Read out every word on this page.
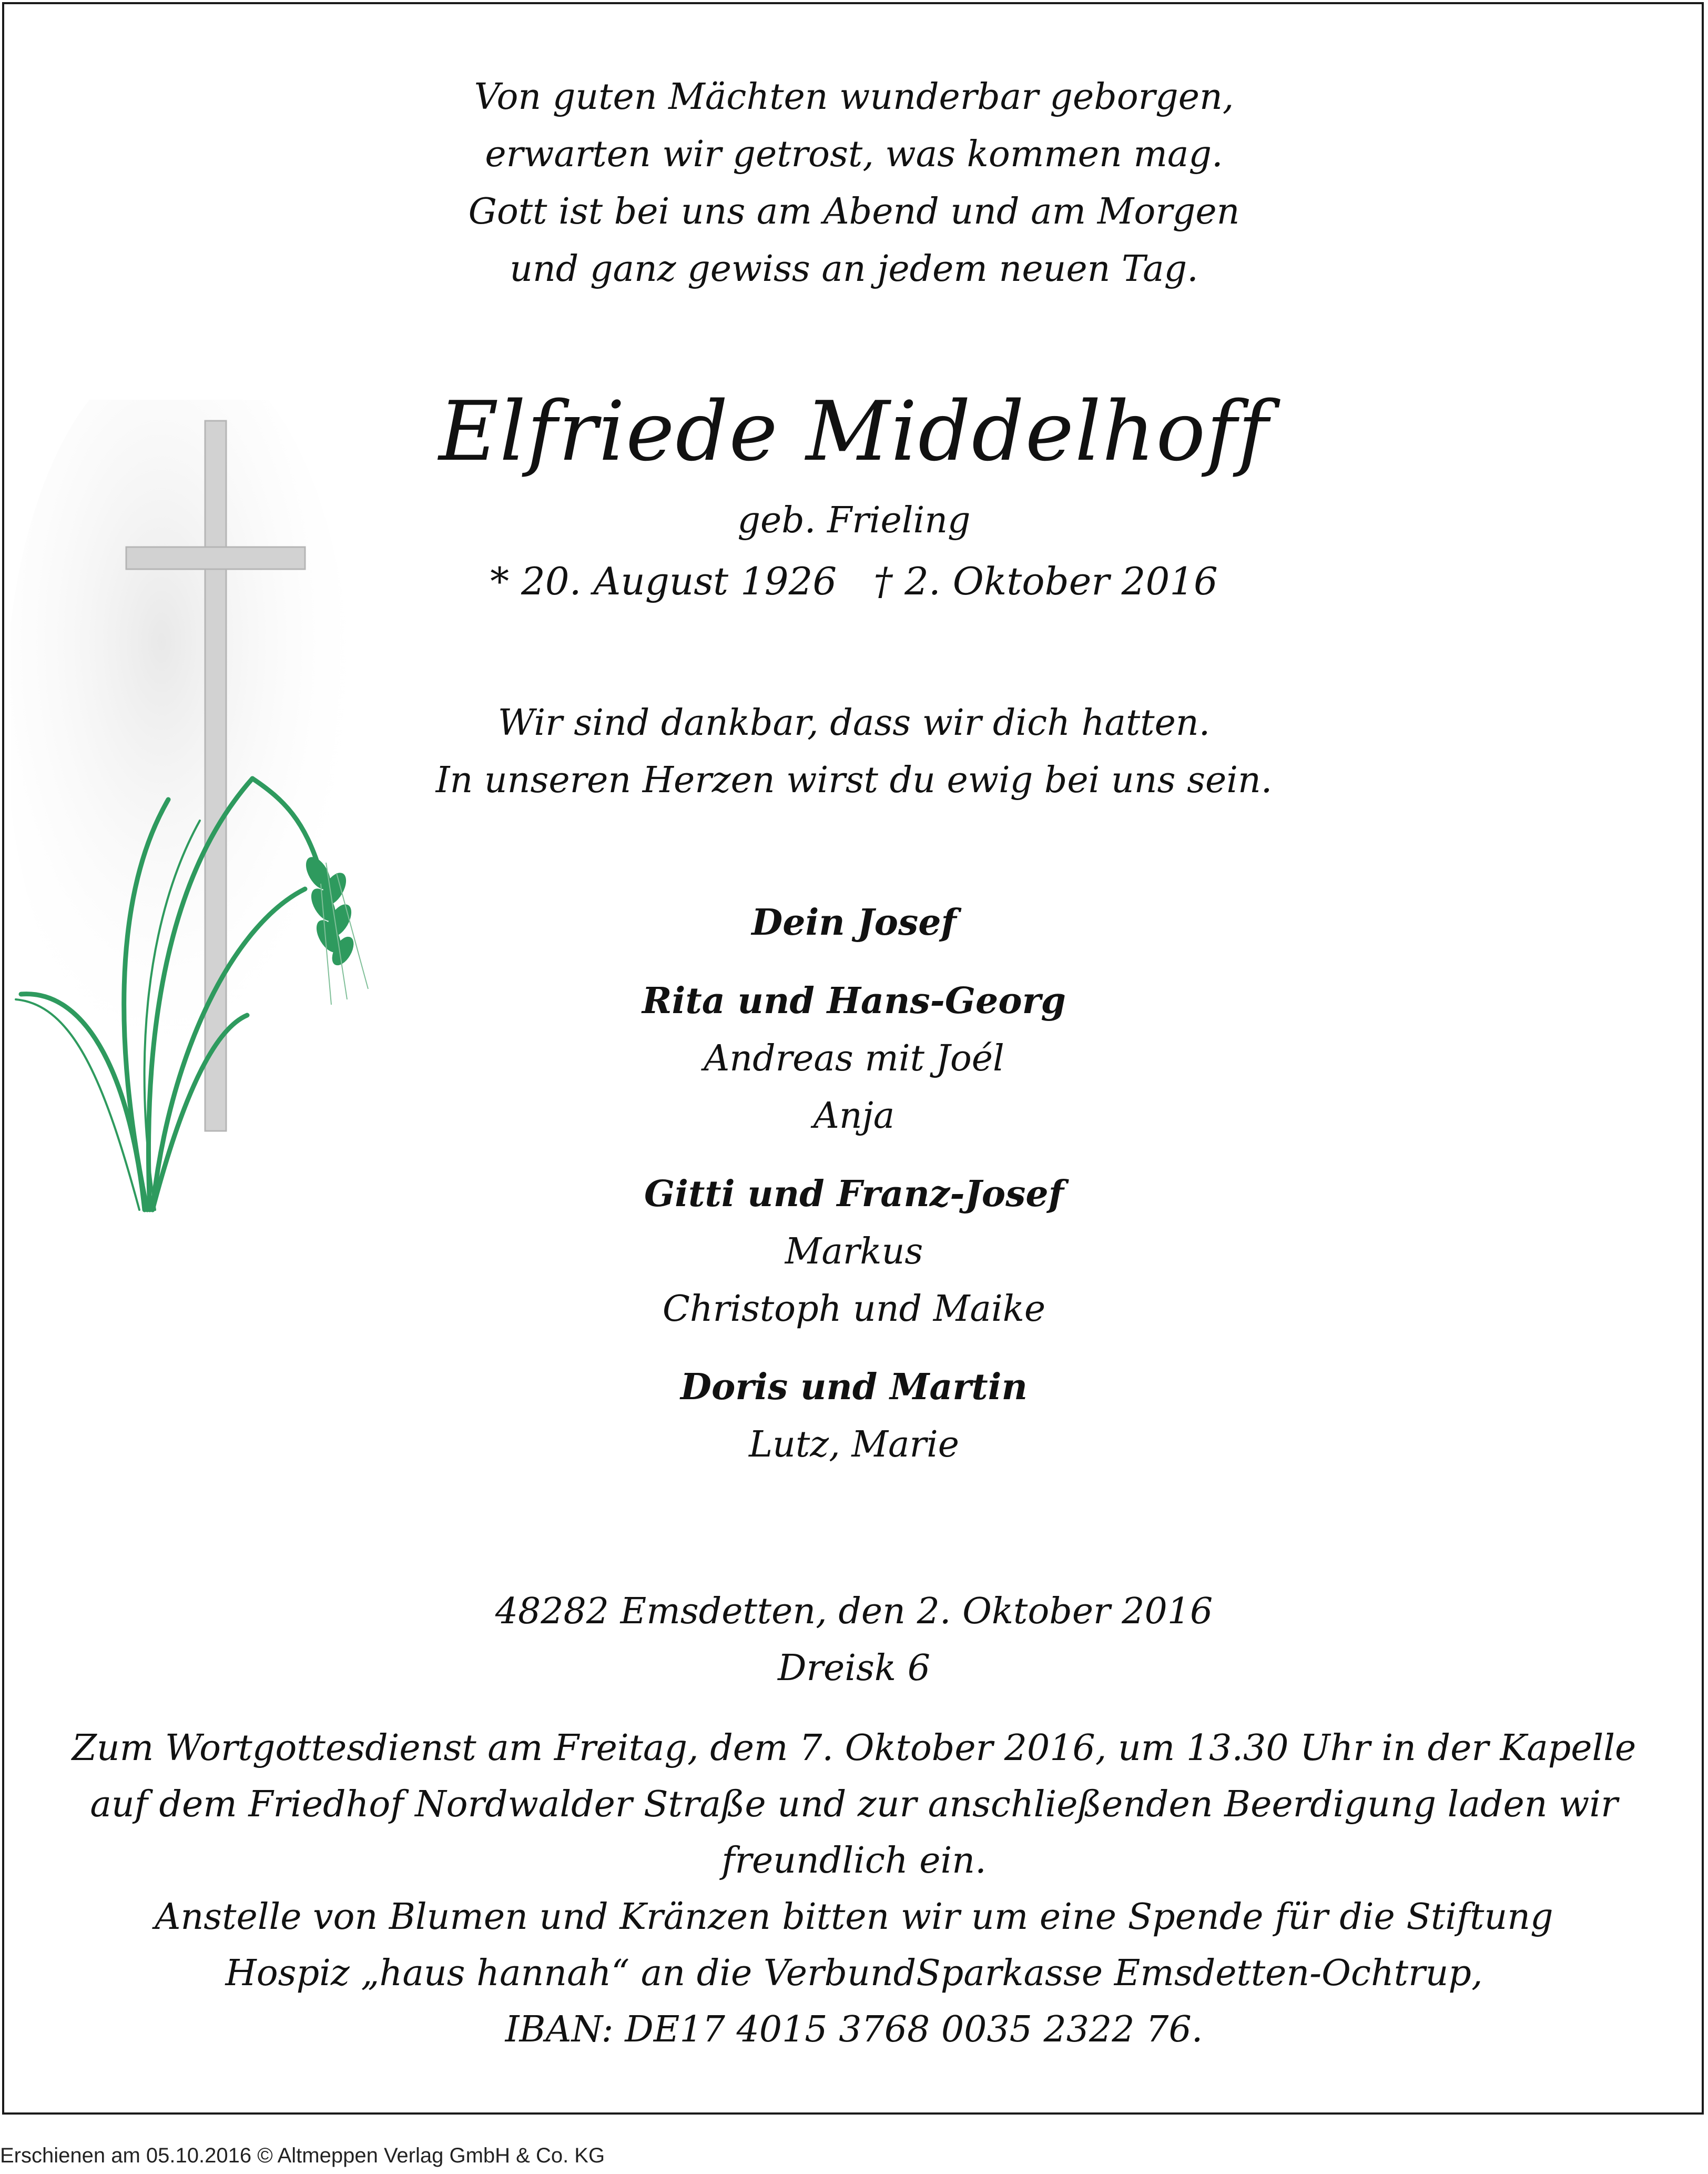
Von guten Mächten wunderbar geborgen,
erwarten wir getrost, was kommen mag.
Gott ist bei uns am Abend und am Morgen
und ganz gewiss an jedem neuen Tag.
Elfriede Middelhoff
geb. Frieling
* 20. August 1926 † 2. Oktober 2016
Wir sind dankbar, dass wir dich hatten.
In unseren Herzen wirst du ewig bei uns sein.
Dein Josef
Rita und Hans-Georg
Andreas mit Joél
Anja
Gitti und Franz-Josef
Markus
Christoph und Maike
Doris und Martin
Lutz, Marie
48282 Emsdetten, den 2. Oktober 2016
Dreisk 6
Zum Wortgottesdienst am Freitag, dem 7. Oktober 2016, um 13.30 Uhr in der Kapelle
auf dem Friedhof Nordwalder Straße und zur anschließenden Beerdigung laden wir
freundlich ein.
Anstelle von Blumen und Kränzen bitten wir um eine Spende für die Stiftung
Hospiz „haus hannah“ an die VerbundSparkasse Emsdetten-Ochtrup,
IBAN: DE17 4015 3768 0035 2322 76.
Erschienen am 05.10.2016 © Altmeppen Verlag GmbH & Co. KG
